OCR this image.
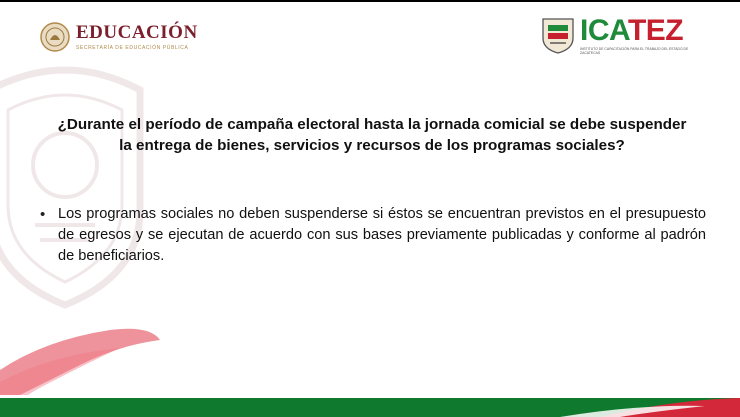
EDUCACIÓN
SECRETARÍA DE EDUCACIÓN PÚBLICA
ICATEZ
INSTITUTO DE CAPACITACIÓN PARA EL TRABAJO DEL ESTADO DE ZACATECAS
¿Durante el período de campaña electoral hasta la jornada comicial se debe suspender la entrega de bienes, servicios y recursos de los programas sociales?
• Los programas sociales no deben suspenderse si éstos se encuentran previstos en el presupuesto de egresos y se ejecutan de acuerdo con sus bases previamente publicadas y conforme al padrón de beneficiarios.
